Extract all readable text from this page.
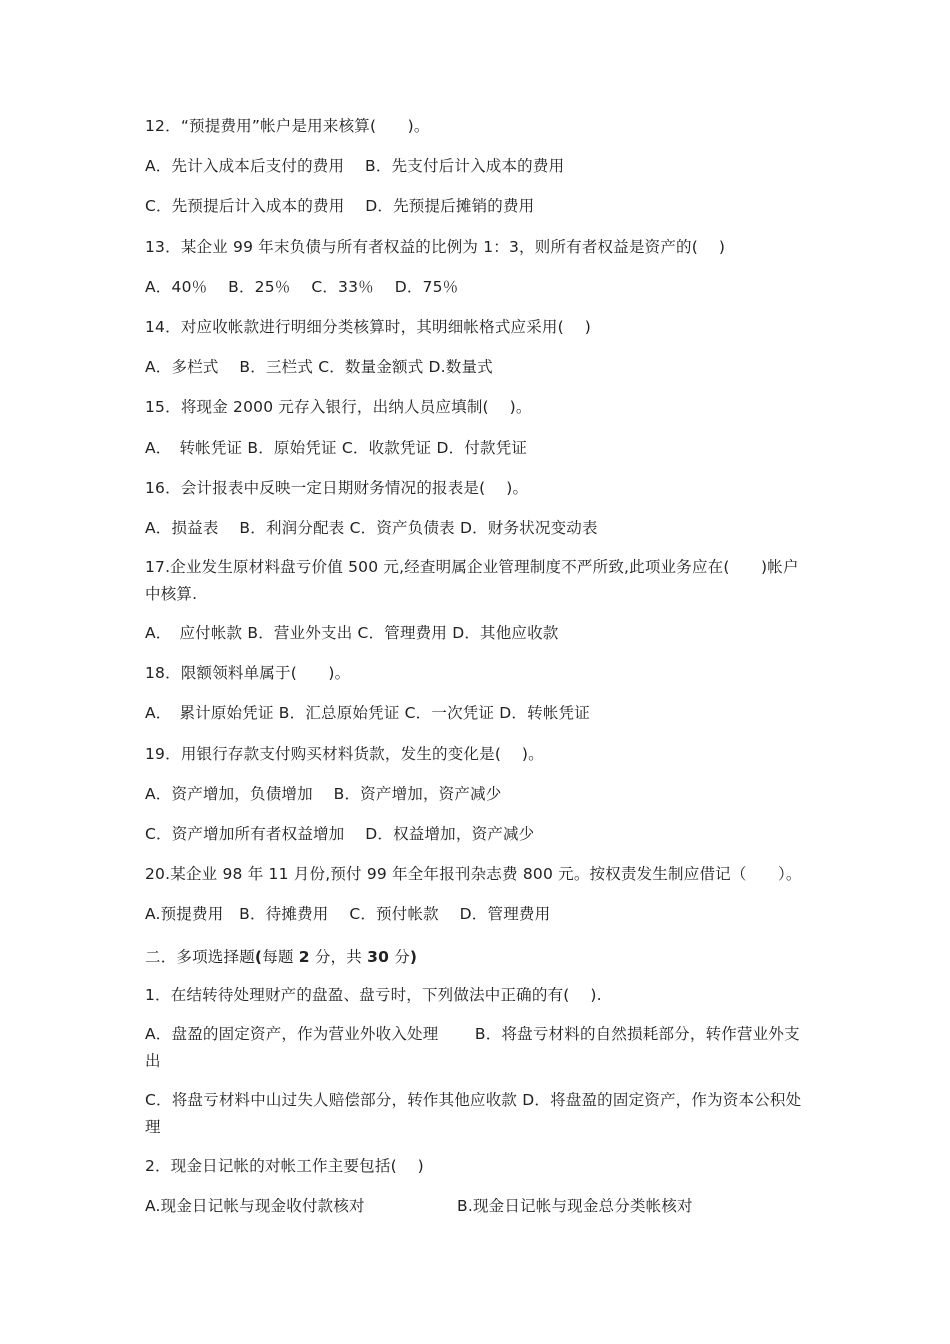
12．“预提费用”帐户是用来核算(　　)。
A．先计入成本后支付的费用　 B．先支付后计入成本的费用
C．先预提后计入成本的费用　 D．先预提后摊销的费用
13．某企业 99 年末负债与所有者权益的比例为 1：3，则所有者权益是资产的(　 )
A．40％　 B．25％　 C．33％　 D．75％
14．对应收帐款进行明细分类核算时，其明细帐格式应采用(　 )
A．多栏式　 B．三栏式 C．数量金额式 D.数量式
15．将现金 2000 元存入银行，出纳人员应填制(　 )。
A．　转帐凭证 B．原始凭证 C．收款凭证 D．付款凭证
16．会计报表中反映一定日期财务情况的报表是(　 )。
A．损益表　 B．利润分配表 C．资产负债表 D．财务状况变动表
17.企业发生原材料盘亏价值 500 元,经查明属企业管理制度不严所致,此项业务应在(　　)帐户中核算.
A．　应付帐款 B．营业外支出 C．管理费用 D．其他应收款
18．限额领料单属于(　　)。
A．　累计原始凭证 B．汇总原始凭证 C．一次凭证 D．转帐凭证
19．用银行存款支付购买材料货款，发生的变化是(　 )。
A．资产增加，负债增加　 B．资产增加，资产减少
C．资产增加所有者权益增加　 D．权益增加，资产减少
20.某企业 98 年 11 月份,预付 99 年全年报刊杂志费 800 元。按权责发生制应借记（　　）。
A.预提费用　B．待摊费用　 C．预付帐款　 D．管理费用
二．多项选择题(每题 2 分，共 30 分)
1．在结转待处理财产的盘盈、盘亏时，下列做法中正确的有(　 ).
A．盘盈的固定资产，作为营业外收入处理　　 B．将盘亏材料的自然损耗部分，转作营业外支出
C．将盘亏材料中山过失人赔偿部分，转作其他应收款 D．将盘盈的固定资产，作为资本公积处理
2．现金日记帐的对帐工作主要包括(　 )
A.现金日记帐与现金收付款核对	B.现金日记帐与现金总分类帐核对
